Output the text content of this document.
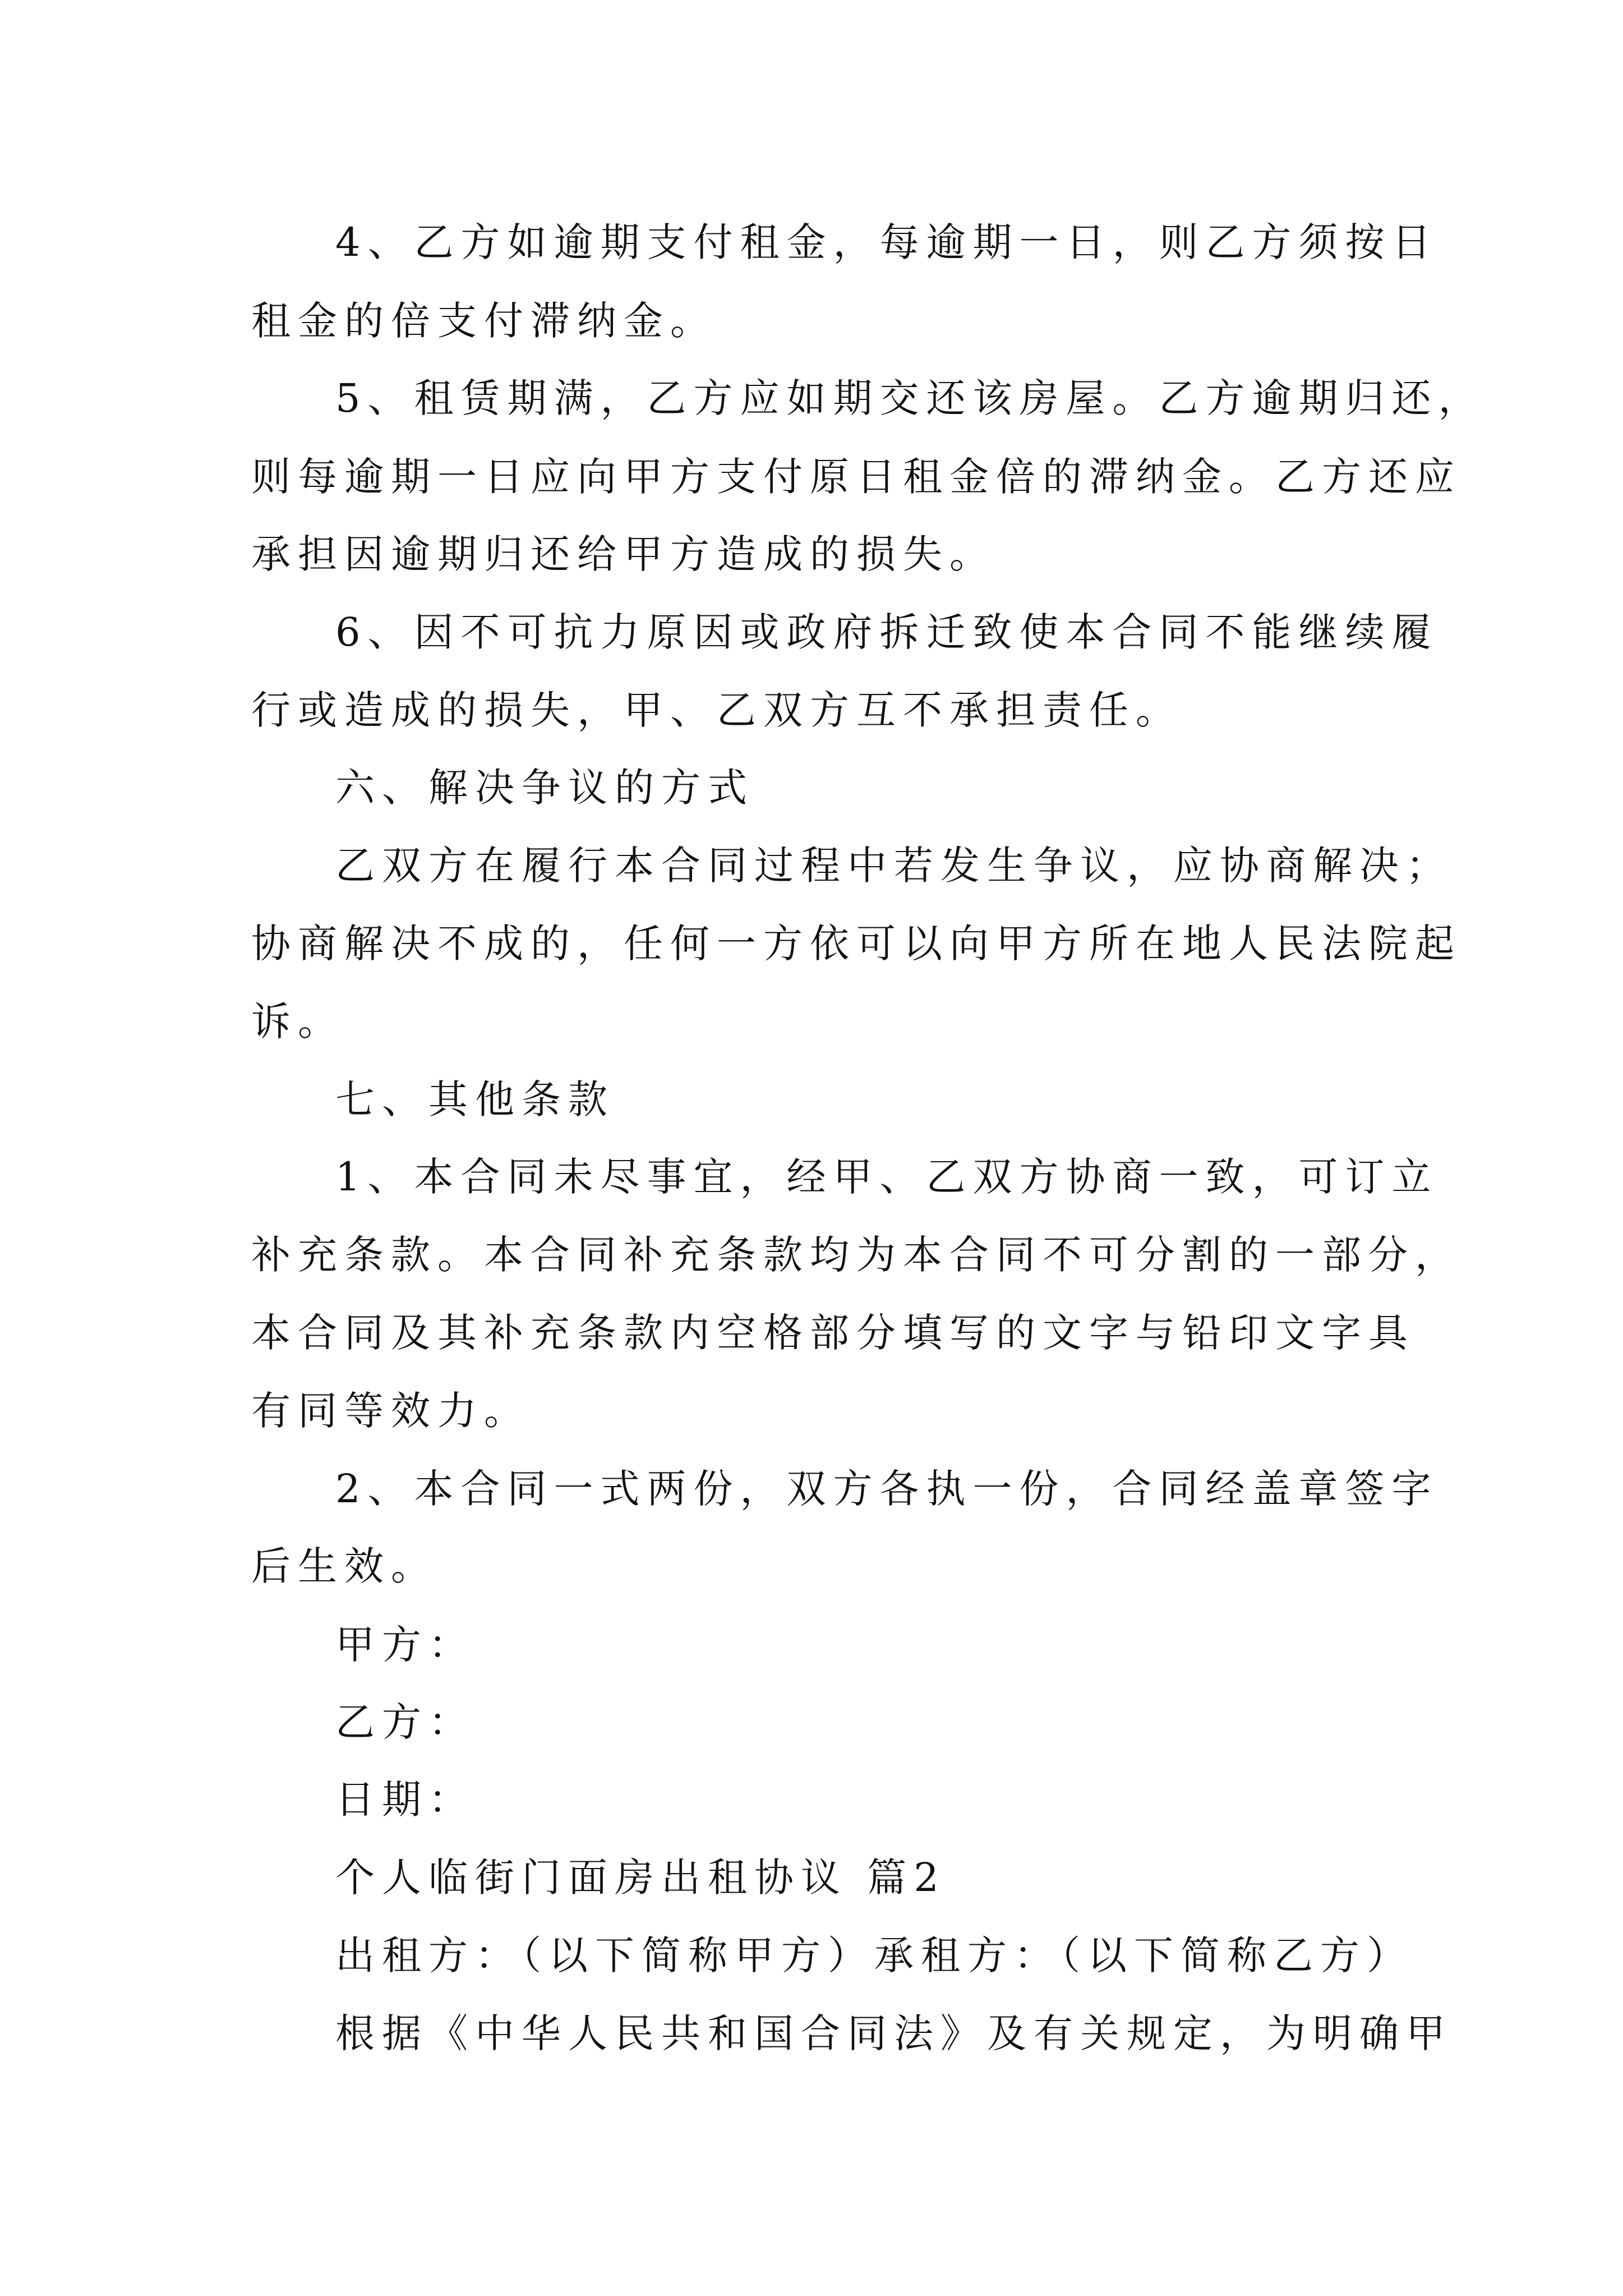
4、乙方如逾期支付租金，每逾期一日，则乙方须按日

租金的倍支付滞纳金。

5、租赁期满，乙方应如期交还该房屋。乙方逾期归还，

则每逾期一日应向甲方支付原日租金倍的滞纳金。乙方还应

承担因逾期归还给甲方造成的损失。

6、因不可抗力原因或政府拆迁致使本合同不能继续履

行或造成的损失，甲、乙双方互不承担责任。

六、解决争议的方式

乙双方在履行本合同过程中若发生争议，应协商解决；

协商解决不成的，任何一方依可以向甲方所在地人民法院起

诉。

七、其他条款

1、本合同未尽事宜，经甲、乙双方协商一致，可订立

补充条款。本合同补充条款均为本合同不可分割的一部分，

本合同及其补充条款内空格部分填写的文字与铅印文字具

有同等效力。

2、本合同一式两份，双方各执一份，合同经盖章签字

后生效。

甲方：

乙方：

日期：

个人临街门面房出租协议 篇2

出租方：（以下简称甲方）承租方：（以下简称乙方）

根据《中华人民共和国合同法》及有关规定，为明确甲
